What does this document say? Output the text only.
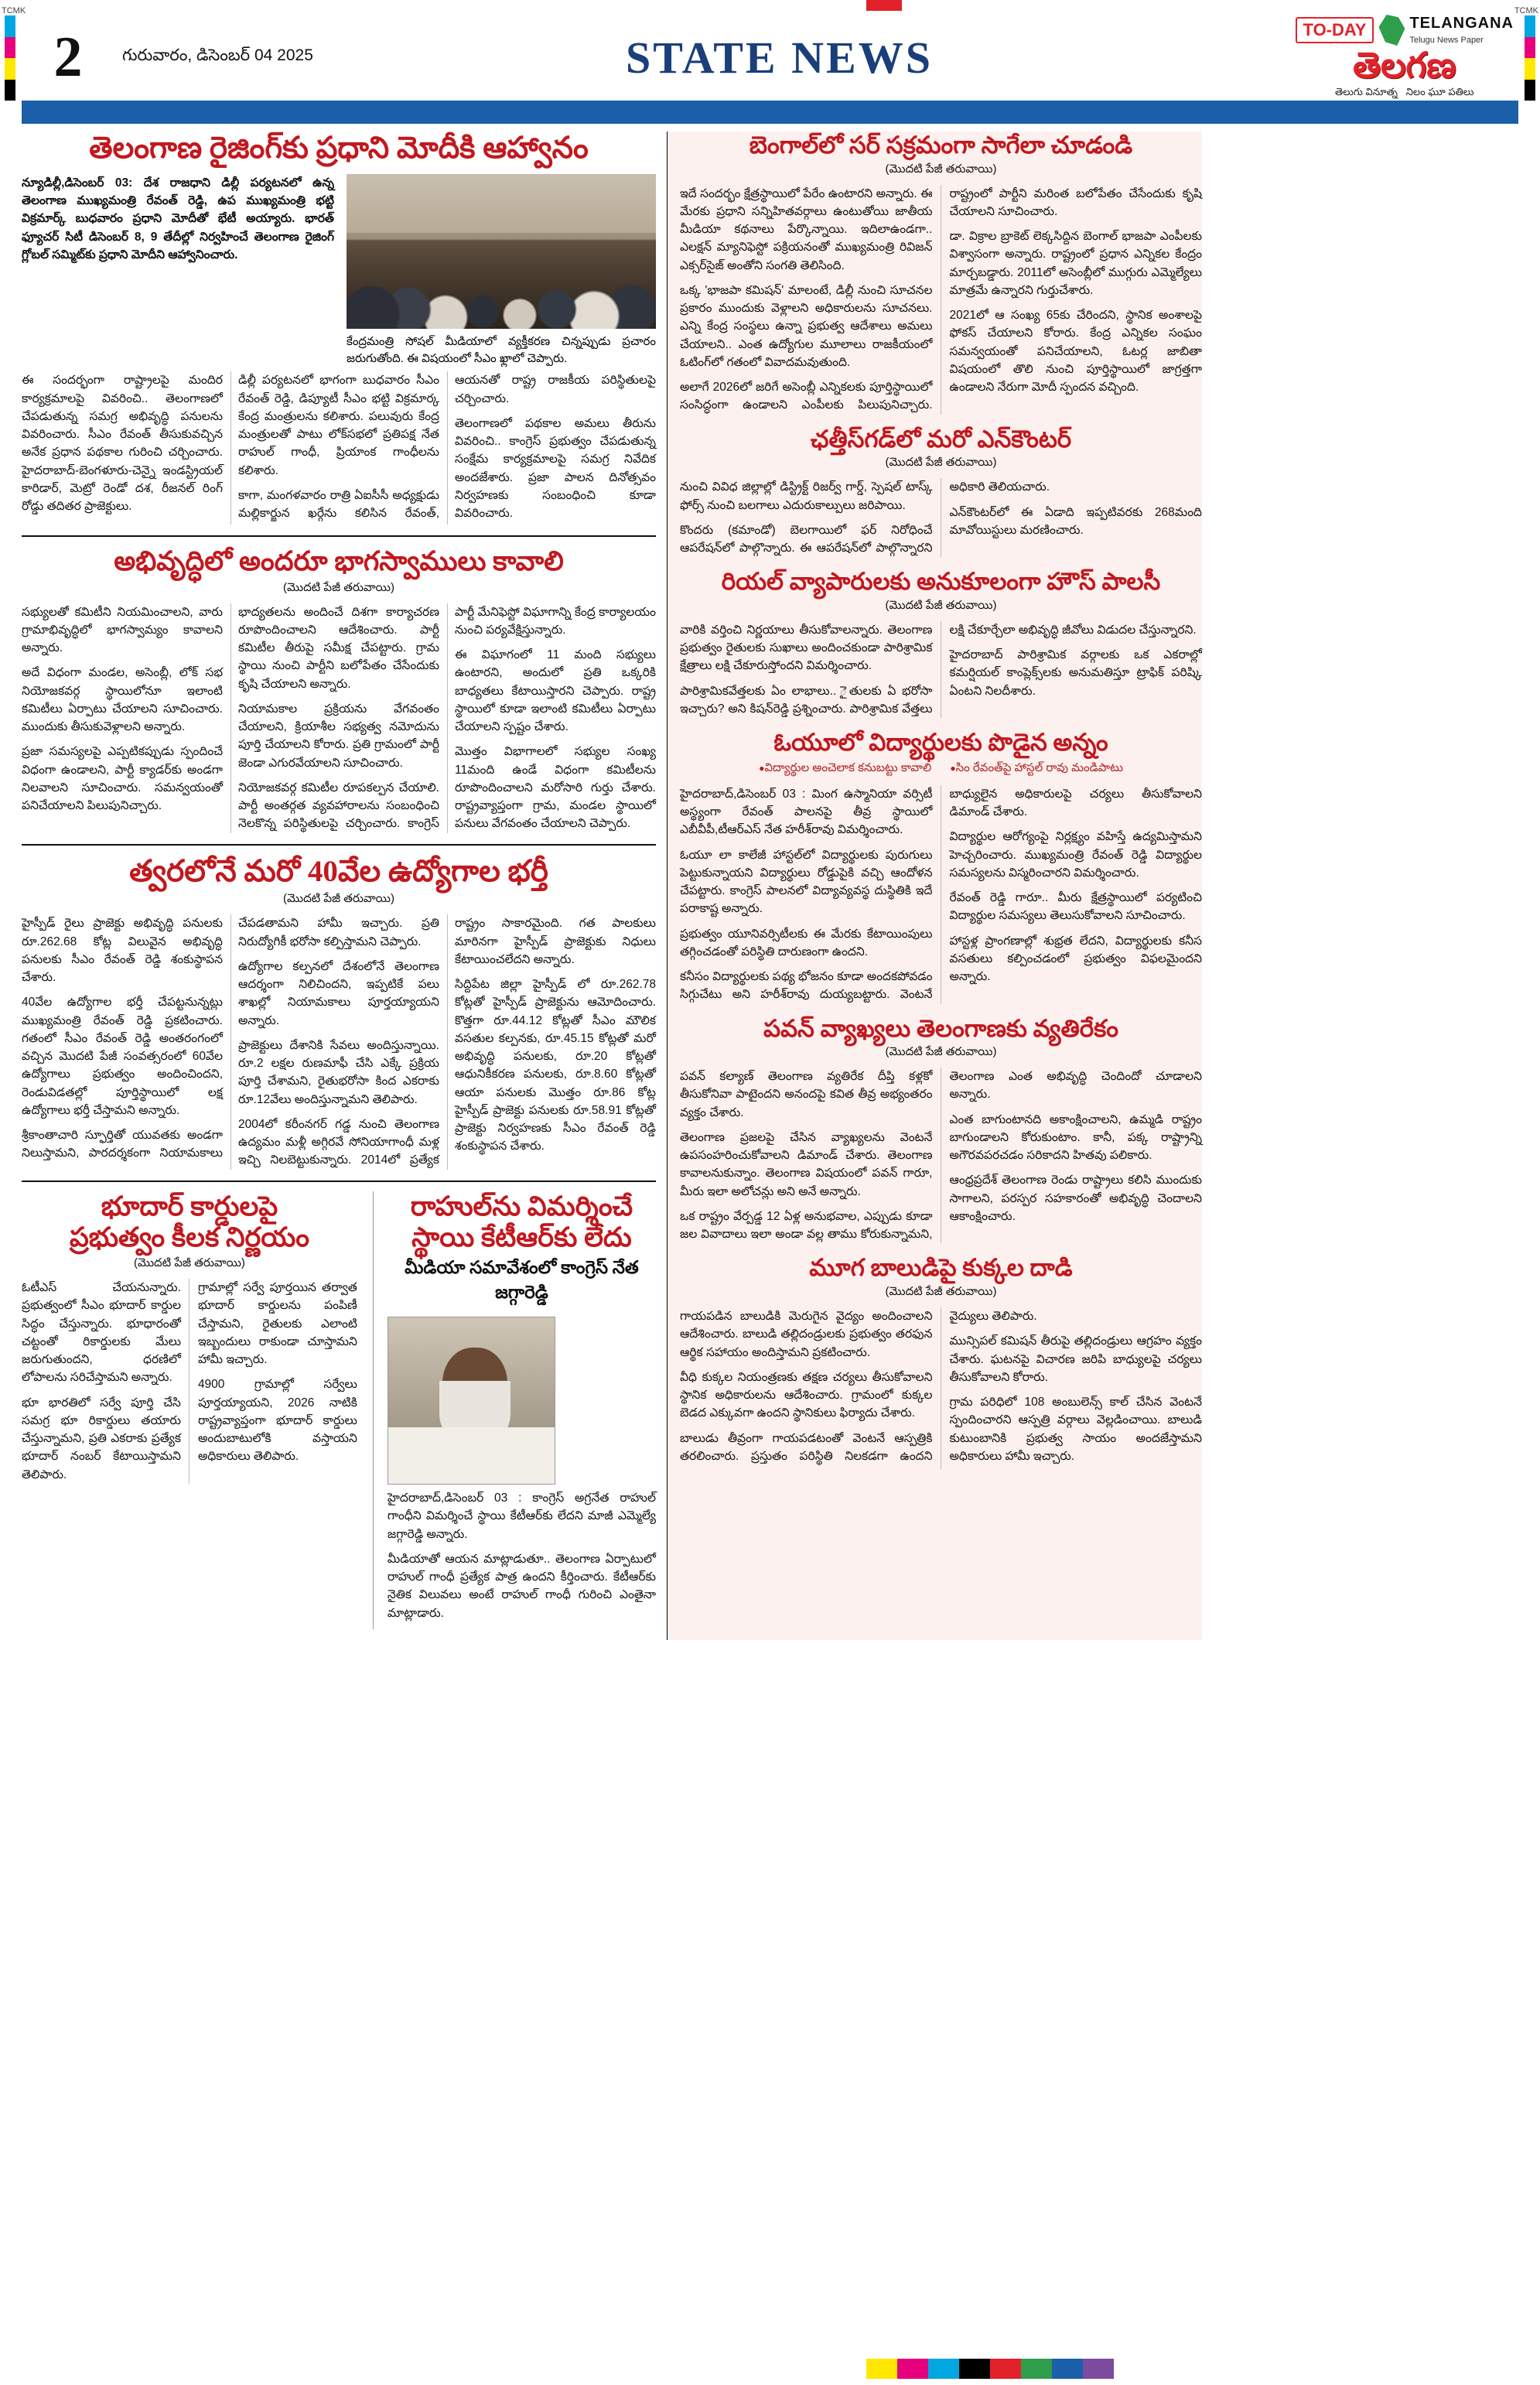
TCMK	TCMK
2 గురువారం, డిసెంబర్ 04 2025	STATE NEWS
TO-DAY	TELANGANA
Telugu News Paper
తెలగణ
తెలుగు వినూత్న నిలం ఘూ పతిలు
తెలంగాణ రైజింగ్‌కు ప్రధాని మోదీకి ఆహ్వానం

న్యూడిల్లీ,డిసెంబర్ 03: దేశ రాజధాని డిల్లీ పర్యటనలో ఉన్న తెలంగాణ ముఖ్యమంత్రి రేవంత్ రెడ్డి, ఉప ముఖ్యమంత్రి భట్టి విక్రమార్క్ బుధవారం ప్రధాని మోదీతో భేటీ అయ్యారు. భారత్ ఫ్యూచర్ సిటీ డిసెంబర్ 8, 9 తేదీల్లో నిర్వహించే తెలంగాణ రైజింగ్ గ్లోబల్ సమ్మిట్‌కు ప్రధాని మోదీని ఆహ్వానించారు.

కేంద్రమంత్రి సోషల్ మీడియాలో వ్యక్తీకరణ చిన్నప్పుడు ప్రచారం జరుగుతోంది. ఈ విషయంలో సీఎం ఖ్లాలో చెప్పారు.

ఈ సందర్భంగా రాష్ట్రాలపై మందిర కార్యక్రమాలపై వివరించి.. తెలంగాణలో చేపడుతున్న సమగ్ర అభివృద్ధి పనులను వివరించారు. సీఎం రేవంత్ తీసుకువచ్చిన అనేక ప్రధాన పథకాల గురించి చర్చించారు. హైదరాబాద్-బెంగళూరు-చెన్నై ఇండస్ట్రియల్ కారిడార్, మెట్రో రెండో దశ, రీజనల్ రింగ్ రోడ్డు తదితర ప్రాజెక్టులు.

డిల్లీ పర్యటనలో భాగంగా బుధవారం సీఎం రేవంత్ రెడ్డి, డిప్యూటీ సీఎం భట్టి విక్రమార్క కేంద్ర మంత్రులను కలిశారు. పలువురు కేంద్ర మంత్రులతో పాటు లోక్‌సభలో ప్రతిపక్ష నేత రాహుల్ గాంధీ, ప్రియాంక గాంధీలను కలిశారు.

కాగా, మంగళవారం రాత్రి ఏఐసీసీ అధ్యక్షుడు మల్లికార్జున ఖర్గేను కలిసిన రేవంత్, ఆయనతో రాష్ట్ర రాజకీయ పరిస్థితులపై చర్చించారు.

తెలంగాణలో పథకాల అమలు తీరును వివరించి.. కాంగ్రెస్ ప్రభుత్వం చేపడుతున్న సంక్షేమ కార్యక్రమాలపై సమగ్ర నివేదిక అందజేశారు. ప్రజా పాలన దినోత్సవం నిర్వహణకు సంబంధించి కూడా వివరించారు.

అభివృద్ధిలో అందరూ భాగస్వాములు కావాలి
(మొదటి పేజీ తరువాయి)

సభ్యులతో కమిటీని నియమించాలని, వారు గ్రామాభివృద్ధిలో భాగస్వామ్యం కావాలని అన్నారు.

అదే విధంగా మండల, అసెంబ్లీ, లోక్ సభ నియోజకవర్గ స్థాయిలోనూ ఇలాంటి కమిటీలు ఏర్పాటు చేయాలని సూచించారు. ముందుకు తీసుకువెళ్లాలని అన్నారు.

ప్రజా సమస్యలపై ఎప్పటికప్పుడు స్పందించే విధంగా ఉండాలని, పార్టీ క్యాడర్‌కు అండగా నిలవాలని సూచించారు. సమన్వయంతో పనిచేయాలని పిలుపునిచ్చారు.

భాద్యతలను అందించే దిశగా కార్యాచరణ రూపొందించాలని ఆదేశించారు. పార్టీ కమిటీల తీరుపై సమీక్ష చేపట్టారు. గ్రామ స్థాయి నుంచి పార్టీని బలోపేతం చేసేందుకు కృషి చేయాలని అన్నారు.

నియామకాల ప్రక్రియను వేగవంతం చేయాలని, క్రియాశీల సభ్యత్వ నమోదును పూర్తి చేయాలని కోరారు. ప్రతి గ్రామంలో పార్టీ జెండా ఎగురవేయాలని సూచించారు.

నియోజకవర్గ కమిటీల రూపకల్పన చేయాలి. పార్టీ అంతర్గత వ్యవహారాలను సంబంధించి నెలకొన్న పరిస్థితులపై చర్చించారు. కాంగ్రెస్ పార్టీ మేనిఫెస్టో విఘాగాన్ని కేంద్ర కార్యాలయం నుంచి పర్యవేక్షిస్తున్నారు.

ఈ విఘాగంలో 11 మంది సభ్యులు ఉంటారని, అందులో ప్రతి ఒక్కరికి బాధ్యతలు కేటాయిస్తారని చెప్పారు. రాష్ట్ర స్థాయిలో కూడా ఇలాంటి కమిటీలు ఏర్పాటు చేయాలని స్పష్టం చేశారు.

మొత్తం విభాగాలలో సభ్యుల సంఖ్య 11మంది ఉండే విధంగా కమిటీలను రూపొందించాలని మరోసారి గుర్తు చేశారు. రాష్ట్రవ్యాప్తంగా గ్రామ, మండల స్థాయిలో పనులు వేగవంతం చేయాలని చెప్పారు.

త్వరలోనే మరో 40వేల ఉద్యోగాల భర్తీ
(మొదటి పేజీ తరువాయి)

హైస్పీడ్ రైలు ప్రాజెక్టు అభివృద్ధి పనులకు రూ.262.68 కోట్ల విలువైన అభివృద్ధి పనులకు సీఎం రేవంత్ రెడ్డి శంకుస్థాపన చేశారు.

40వేల ఉద్యోగాల భర్తీ చేపట్టనున్నట్లు ముఖ్యమంత్రి రేవంత్ రెడ్డి ప్రకటించారు. గతంలో సీఎం రేవంత్ రెడ్డి అంతరంగంలో వచ్చిన మొదటి పేజీ సంవత్సరంలో 60వేల ఉద్యోగాలు ప్రభుత్వం అందించిందని, రెండువిడతల్లో పూర్తిస్థాయిలో లక్ష ఉద్యోగాలు భర్తీ చేస్తామని అన్నారు.

శ్రీకాంతాచారి స్ఫూర్తితో యువతకు అండగా నిలుస్తామని, పారదర్శకంగా నియామకాలు చేపడతామని హామీ ఇచ్చారు. ప్రతి నిరుద్యోగికీ భరోసా కల్పిస్తామని చెప్పారు.

ఉద్యోగాల కల్పనలో దేశంలోనే తెలంగాణ ఆదర్శంగా నిలిచిందని, ఇప్పటికే పలు శాఖల్లో నియామకాలు పూర్తయ్యాయని అన్నారు.

ప్రాజెక్టులు దేశానికి సేవలు అందిస్తున్నాయి. రూ.2 లక్షల రుణమాఫీ చేసి ఎక్కే ప్రక్రియ పూర్తి చేశామని, రైతుభరోసా కింద ఎకరాకు రూ.12వేలు అందిస్తున్నామని తెలిపారు.

2004లో కరీంనగర్ గడ్డ నుంచి తెలంగాణ ఉద్యమం మళ్లీ అగ్గిరవే సోనియాగాంధీ మళ్ల ఇచ్చి నిలబెట్టుకున్నారు. 2014లో ప్రత్యేక రాష్ట్రం సాకారమైంది. గత పాలకులు మారినగా హైస్పీడ్ ప్రాజెక్టుకు నిధులు కేటాయించలేదని అన్నారు.

సిద్దిపేట జిల్లా హైస్పీడ్ లో రూ.262.78 కోట్లతో హైస్పీడ్ ప్రాజెక్టును ఆమోదించారు. కొత్తగా రూ.44.12 కోట్లతో సీఎం మౌలిక వసతుల కల్పనకు, రూ.45.15 కోట్లతో మరో అభివృద్ధి పనులకు, రూ.20 కోట్లతో ఆధునికీకరణ పనులకు, రూ.8.60 కోట్లతో ఆయా పనులకు మొత్తం రూ.86 కోట్ల హైస్పీడ్ ప్రాజెక్టు పనులకు రూ.58.91 కోట్లతో ప్రాజెక్టు నిర్వహణకు సీఎం రేవంత్ రెడ్డి శంకుస్థాపన చేశారు.

భూదార్ కార్డులపై
ప్రభుత్వం కీలక నిర్ణయం
(మొదటి పేజీ తరువాయి)

ఓటీఎస్ చేయనున్నారు. ప్రభుత్వంలో సీఎం భూదార్ కార్డుల సిద్ధం చేస్తున్నారు. భూధారంతో చట్టంతో రికార్డులకు మేలు జరుగుతుందని, ధరణిలో లోపాలను సరిచేస్తామని అన్నారు.

భూ భారతిలో సర్వే పూర్తి చేసి సమగ్ర భూ రికార్డులు తయారు చేస్తున్నామని, ప్రతి ఎకరాకు ప్రత్యేక భూదార్ నంబర్ కేటాయిస్తామని తెలిపారు.

గ్రామాల్లో సర్వే పూర్తయిన తర్వాత భూదార్ కార్డులను పంపిణీ చేస్తామని, రైతులకు ఎలాంటి ఇబ్బందులు రాకుండా చూస్తామని హామీ ఇచ్చారు.

4900 గ్రామాల్లో సర్వేలు పూర్తయ్యాయని, 2026 నాటికి రాష్ట్రవ్యాప్తంగా భూదార్ కార్డులు అందుబాటులోకి వస్తాయని అధికారులు తెలిపారు.

రాహుల్‌ను విమర్శించే
స్థాయి కేటీఆర్‌కు లేదు
మీడియా సమావేశంలో కాంగ్రెస్ నేత జగ్గారెడ్డి

హైదరాబాద్,డిసెంబర్ 03 : కాంగ్రెస్ అగ్రనేత రాహుల్ గాంధీని విమర్శించే స్థాయి కేటీఆర్‌కు లేదని మాజీ ఎమ్మెల్యే జగ్గారెడ్డి అన్నారు.

మీడియాతో ఆయన మాట్లాడుతూ.. తెలంగాణ ఏర్పాటులో రాహుల్ గాంధీ ప్రత్యేక పాత్ర ఉందని కీర్తించారు. కేటీఆర్‌కు నైతిక విలువలు అంటే రాహుల్ గాంధీ గురించి ఎంతైనా మాట్లాడారు.

బెంగాల్‌లో సర్ సక్రమంగా సాగేలా చూడండి
(మొదటి పేజీ తరువాయి)

ఇదే సందర్భం క్షేత్రస్థాయిలో పేరేం ఉంటారని అన్నారు. ఈ మేరకు ప్రధాని సన్నిహితవర్గాలు ఉంటుతోయి జాతీయ మీడియా కథనాలు పేర్కొన్నాయి. ఇదిలాఉండగా.. ఎలక్షన్ మ్యానిఫెస్టో పక్రియనంతో ముఖ్యమంత్రి రివిజన్ ఎక్సర్‌సైజ్ అంతోని సంగతి తెలిసింది.

ఒక్క 'భాజపా కమిషన్‌' మాలంటే, డిల్లీ నుంచి సూచనల ప్రకారం ముందుకు వెళ్లాలని అధికారులను సూచనలు. ఎన్ని కేంద్ర సంస్థలు ఉన్నా ప్రభుత్వ ఆదేశాలు అమలు చేయాలని.. ఎంత ఉద్యోగుల మూలాలు రాజకీయంలో ఓటింగ్‌లో గతంలో వివాదమవుతుంది.

అలాగే 2026లో జరిగే అసెంబ్లీ ఎన్నికలకు పూర్తిస్థాయిలో సంసిద్ధంగా ఉండాలని ఎంపీలకు పిలుపునిచ్చారు. రాష్ట్రంలో పార్టీని మరింత బలోపేతం చేసేందుకు కృషి చేయాలని సూచించారు.

డా. విక్రాల బ్రాకెట్ లెక్కసిద్దిన బెంగాల్ భాజపా ఎంపీలకు విశ్వాసంగా అన్నారు. రాష్ట్రంలో ప్రధాన ఎన్నికల కేంద్రం మార్చబడ్డారు. 2011లో అసెంబ్లీలో ముగ్గురు ఎమ్మెల్యేలు మాత్రమే ఉన్నారని గుర్తుచేశారు.

2021లో ఆ సంఖ్య 65కు చేరిందని, స్థానిక అంశాలపై ఫోకస్ చేయాలని కోరారు. కేంద్ర ఎన్నికల సంఘం సమన్వయంతో పనిచేయాలని, ఓటర్ల జాబితా విషయంలో తొలి నుంచి పూర్తిస్థాయిలో జాగ్రత్తగా ఉండాలని నేరుగా మోదీ స్పందన వచ్చింది.

ఛత్తీస్‌గడ్‌లో మరో ఎన్‌కౌంటర్
(మొదటి పేజీ తరువాయి)

నుంచి వివిధ జిల్లాల్లో డిస్ట్రిక్ట్ రిజర్వ్ గార్డ్, స్పెషల్ టాస్క్ ఫోర్స్ నుంచి బలగాలు ఎదురుకాల్పులు జరిపాయి.

కొందరు (కమాండో) బెలగాయిలో ఫర్ నిరోధించే ఆపరేషన్‌లో పాల్గొన్నారు. ఈ ఆపరేషన్‌లో పాల్గొన్నారని అధికారి తెలియచారు.

ఎన్‌కౌంటర్‌లో ఈ ఏడాది ఇప్పటివరకు 268మంది మావోయిస్టులు మరణించారు.

రియల్ వ్యాపారులకు అనుకూలంగా హౌస్ పాలసీ
(మొదటి పేజీ తరువాయి)

వారికి వర్తించి నిర్ణయాలు తీసుకోవాలన్నారు. తెలంగాణ ప్రభుత్వం రైతులకు సుఖాలు అందించకుండా పారిశ్రామిక క్షేత్రాలు లక్షి చేకూరుస్తోందని విమర్శించారు.

పారిశ్రామికవేత్తలకు ఏం లాభాలు.. ైతులకు ఏ భరోసా ఇచ్చారు? అని కిషన్‌రెడ్డి ప్రశ్నించారు. పారిశ్రామిక వేత్తలు లక్షి చేకూర్చేలా అభివృద్ధి జీవోలు విడుదల చేస్తున్నారని.

హైదరాబాద్ పారిశ్రామిక వర్గాలకు ఒక ఎకరాల్లో కమర్షియల్ కాంప్లెక్స్‌లకు అనుమతిస్తూ ట్రాఫిక్ పరిష్కి ఏంటని నిలదీశారు.

ఓయూలో విద్యార్థులకు పొడైన అన్నం
● విద్యార్థుల అంచెలాక కనుబట్టు కావాలి ● సిం రేవంత్‌పై హాస్టల్ రావు మండిపాటు

హైదరాబాద్,డిసెంబర్ 03 : మింగ ఉస్మానియా వర్సిటీ అస్థ్యంగా రేవంత్ పాలనపై తీవ్ర స్థాయిలో ఎబీవీపీ,టీఆర్‌ఎస్ నేత హరీశ్‌రావు విమర్శించారు.

ఓయూ లా కాలేజీ హాస్టల్‌లో విద్యార్థులకు పురుగులు పెట్టుకున్నాయని విద్యార్థులు రోడ్డుపైకి వచ్చి ఆందోళన చేపట్టారు. కాంగ్రెస్ పాలనలో విద్యావ్యవస్థ దుస్థితికి ఇదే పరాకాష్ట అన్నారు.

ప్రభుత్వం యూనివర్సిటీలకు ఈ మేరకు కేటాయింపులు తగ్గించడంతో పరిస్థితి దారుణంగా ఉందని.

కనీసం విద్యార్థులకు పథ్య భోజనం కూడా అందకపోవడం సిగ్గుచేటు అని హరీశ్‌రావు దుయ్యబట్టారు. వెంటనే బాధ్యులైన అధికారులపై చర్యలు తీసుకోవాలని డిమాండ్ చేశారు.

విద్యార్థుల ఆరోగ్యంపై నిర్లక్ష్యం వహిస్తే ఉద్యమిస్తామని హెచ్చరించారు. ముఖ్యమంత్రి రేవంత్ రెడ్డి విద్యార్థుల సమస్యలను విస్మరించారని విమర్శించారు.

రేవంత్ రెడ్డి గారూ.. మీరు క్షేత్రస్థాయిలో పర్యటించి విద్యార్థుల సమస్యలు తెలుసుకోవాలని సూచించారు.

హాస్టళ్ల ప్రాంగణాల్లో శుభ్రత లేదని, విద్యార్థులకు కనీస వసతులు కల్పించడంలో ప్రభుత్వం విఫలమైందని అన్నారు.

పవన్ వ్యాఖ్యలు తెలంగాణకు వ్యతిరేకం
(మొదటి పేజీ తరువాయి)

పవన్ కల్యాణ్ తెలంగాణ వ్యతిరేక దీప్తి కళ్లకో తీసుకోనివా పాటైందని అనందపై కవిత తీవ్ర అభ్యంతరం వ్యక్తం చేశారు.

తెలంగాణ ప్రజలపై చేసిన వ్యాఖ్యలను వెంటనే ఉపసంహరించుకోవాలని డిమాండ్ చేశారు. తెలంగాణ కావాలనుకున్నాం. తెలంగాణ విషయంలో పవన్ గారూ, మీరు ఇలా అలోచన్లు అని అనే అన్నారు.

ఒక రాష్ట్రం వేర్పడ్డ 12 ఏళ్ల అనుభవాల, ఎప్పుడు కూడా జల వివాదాలు ఇలా అండా వల్ల తాము కోరుకున్నామని, తెలంగాణ ఎంత అభివృద్ధి చెందిందో చూడాలని అన్నారు.

ఎంత బాగుంటానది అకాంక్షించాలని, ఉమ్మడి రాష్ట్రం బాగుండాలని కోరుకుంటాం. కానీ, పక్క రాష్ట్రాన్ని అగౌరవపరచడం సరికాదని హితవు పలికారు.

ఆంధ్రప్రదేశ్ తెలంగాణ రెండు రాష్ట్రాలు కలిసి ముందుకు సాగాలని, పరస్పర సహకారంతో అభివృద్ధి చెందాలని ఆకాంక్షించారు.

మూగ బాలుడిపై కుక్కల దాడి
(మొదటి పేజీ తరువాయి)

గాయపడిన బాలుడికి మెరుగైన వైద్యం అందించాలని ఆదేశించారు. బాలుడి తల్లిదండ్రులకు ప్రభుత్వం తరఫున ఆర్థిక సహాయం అందిస్తామని ప్రకటించారు.

వీధి కుక్కల నియంత్రణకు తక్షణ చర్యలు తీసుకోవాలని స్థానిక అధికారులను ఆదేశించారు. గ్రామంలో కుక్కల బెడద ఎక్కువగా ఉందని స్థానికులు ఫిర్యాదు చేశారు.

బాలుడు తీవ్రంగా గాయపడటంతో వెంటనే ఆస్పత్రికి తరలించారు. ప్రస్తుతం పరిస్థితి నిలకడగా ఉందని వైద్యులు తెలిపారు.

మున్సిపల్ కమిషన్ తీరుపై తల్లిదండ్రులు ఆగ్రహం వ్యక్తం చేశారు. ఘటనపై విచారణ జరిపి బాధ్యులపై చర్యలు తీసుకోవాలని కోరారు.

గ్రామ పరిధిలో 108 అంబులెన్స్ కాల్ చేసిన వెంటనే స్పందించారని ఆస్పత్రి వర్గాలు వెల్లడించాయి. బాలుడి కుటుంబానికి ప్రభుత్వ సాయం అందజేస్తామని అధికారులు హామీ ఇచ్చారు.
